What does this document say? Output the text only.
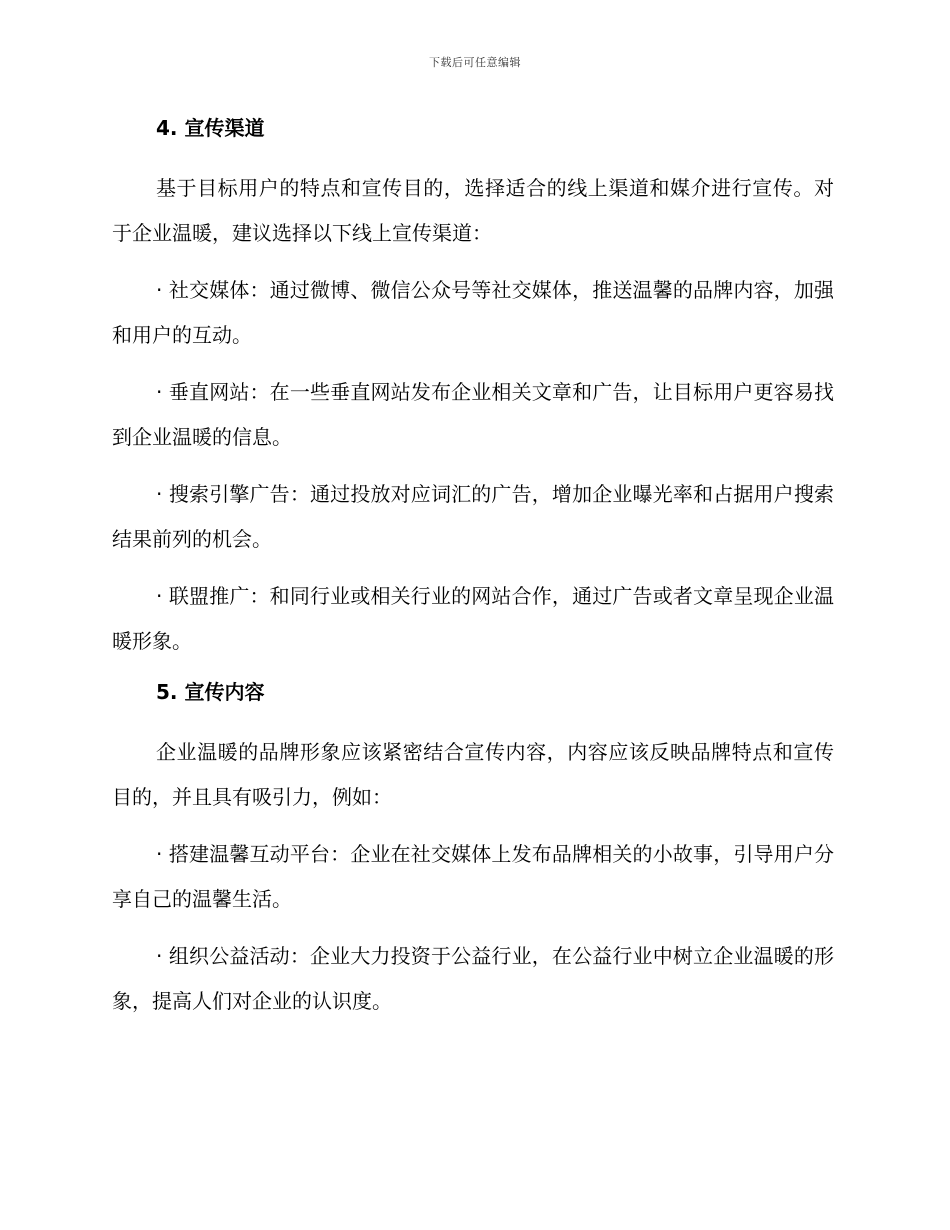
下载后可任意编辑
4. 宣传渠道

基于目标用户的特点和宣传目的，选择适合的线上渠道和媒介进行宣传。对于企业温暖，建议选择以下线上宣传渠道：

· 社交媒体：通过微博、微信公众号等社交媒体，推送温馨的品牌内容，加强和用户的互动。

· 垂直网站：在一些垂直网站发布企业相关文章和广告，让目标用户更容易找到企业温暖的信息。

· 搜索引擎广告：通过投放对应词汇的广告，增加企业曝光率和占据用户搜索结果前列的机会。

· 联盟推广：和同行业或相关行业的网站合作，通过广告或者文章呈现企业温暖形象。

5. 宣传内容

企业温暖的品牌形象应该紧密结合宣传内容，内容应该反映品牌特点和宣传目的，并且具有吸引力，例如：

· 搭建温馨互动平台：企业在社交媒体上发布品牌相关的小故事，引导用户分享自己的温馨生活。

· 组织公益活动：企业大力投资于公益行业，在公益行业中树立企业温暖的形象，提高人们对企业的认识度。
